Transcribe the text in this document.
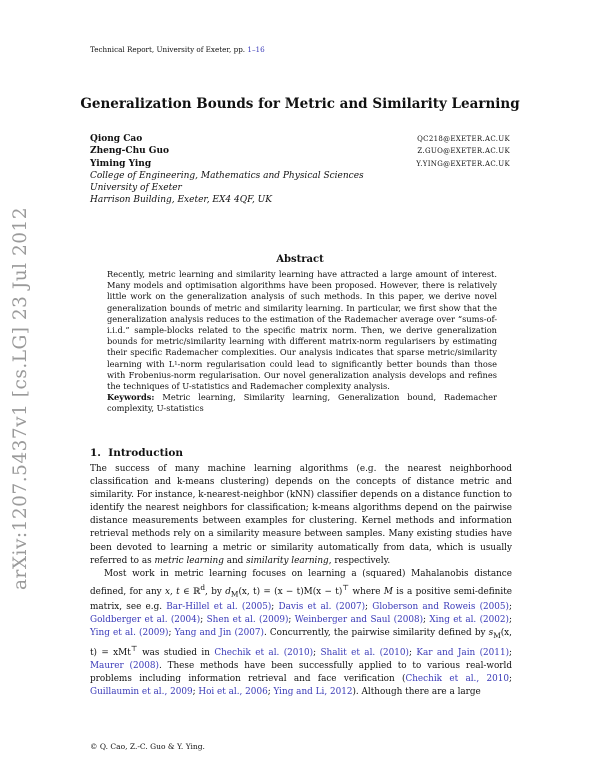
Technical Report, University of Exeter, pp. 1–16
arXiv:1207.5437v1 [cs.LG] 23 Jul 2012
Generalization Bounds for Metric and Similarity Learning
Qiong Cao
Zheng-Chu Guo
Yiming Ying
College of Engineering, Mathematics and Physical Sciences
University of Exeter
Harrison Building, Exeter, EX4 4QF, UK
QC218@EXETER.AC.UK
Z.GUO@EXETER.AC.UK
Y.YING@EXETER.AC.UK
Abstract

Recently, metric learning and similarity learning have attracted a large amount of interest. Many models and optimisation algorithms have been proposed. However, there is relatively little work on the generalization analysis of such methods. In this paper, we derive novel generalization bounds of metric and similarity learning. In particular, we first show that the generalization analysis reduces to the estimation of the Rademacher average over “sums-of-i.i.d.” sample-blocks related to the specific matrix norm. Then, we derive generalization bounds for metric/similarity learning with different matrix-norm regularisers by estimating their specific Rademacher complexities. Our analysis indicates that sparse metric/similarity learning with L¹-norm regularisation could lead to significantly better bounds than those with Frobenius-norm regularisation. Our novel generalization analysis develops and refines the techniques of U-statistics and Rademacher complexity analysis.

Keywords: Metric learning, Similarity learning, Generalization bound, Rademacher complexity, U-statistics

1. Introduction

The success of many machine learning algorithms (e.g. the nearest neighborhood classification and k-means clustering) depends on the concepts of distance metric and similarity. For instance, k-nearest-neighbor (kNN) classifier depends on a distance function to identify the nearest neighbors for classification; k-means algorithms depend on the pairwise distance measurements between examples for clustering. Kernel methods and information retrieval methods rely on a similarity measure between samples. Many existing studies have been devoted to learning a metric or similarity automatically from data, which is usually referred to as metric learning and similarity learning, respectively.

Most work in metric learning focuses on learning a (squared) Mahalanobis distance defined, for any x, t ∈ ℝ$^d$, by $d_M(x$, t) = (x − t)M(x − t)⊤ where M is a positive semi-definite matrix, see e.g. Bar-Hillel et al. (2005); Davis et al. (2007); Globerson and Roweis (2005); Goldberger et al. (2004); Shen et al. (2009); Weinberger and Saul (2008); Xing et al. (2002); Ying et al. (2009); Yang and Jin (2007). Concurrently, the pairwise similarity defined by $s_M(x$, t) = xMt⊤ was studied in Chechik et al. (2010); Shalit et al. (2010); Kar and Jain (2011); Maurer (2008). These methods have been successfully applied to to various real-world problems including information retrieval and face verification (Chechik et al., 2010; Guillaumin et al., 2009; Hoi et al., 2006; Ying and Li, 2012). Although there are a large

© Q. Cao, Z.-C. Guo & Y. Ying.
